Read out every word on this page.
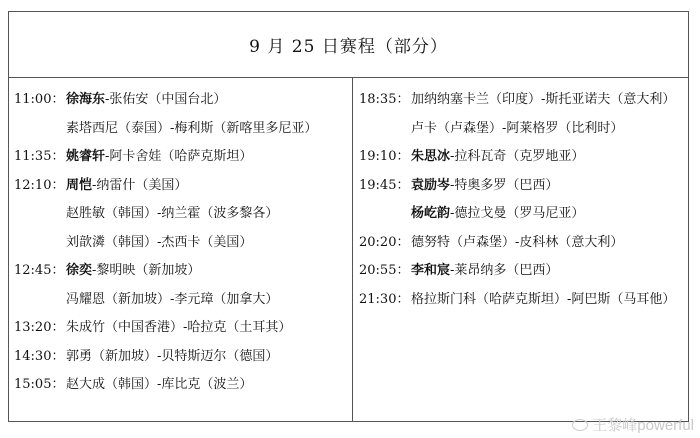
9 月 25 日赛程（部分）
11:00： 徐海东 -张佑安（中国台北）
素塔西尼（泰国）-梅利斯（新喀里多尼亚）
11:35： 姚睿轩 -阿卡舍娃（哈萨克斯坦）
12:10： 周恺 -纳雷什（美国）
赵胜敏（韩国）-纳兰霍（波多黎各）
刘歆潾（韩国）-杰西卡（美国）
12:45： 徐奕 -黎明映（新加坡）
冯耀恩（新加坡）-李元璋（加拿大）
13:20： 朱成竹（中国香港）-哈拉克（土耳其）
14:30： 郭勇（新加坡）-贝特斯迈尔（德国）
15:05： 赵大成（韩国）-库比克（波兰）
18:35： 加纳纳塞卡兰（印度）-斯托亚诺夫（意大利）
卢卡（卢森堡）-阿莱格罗（比利时）
19:10： 朱思冰 -拉科瓦奇（克罗地亚）
19:45： 袁励岑 -特奥多罗（巴西）
杨屹韵 -德拉戈曼（罗马尼亚）
20:20： 德努特（卢森堡）-皮科林（意大利）
20:55： 李和宸 -莱昂纳多（巴西）
21:30： 格拉斯门科（哈萨克斯坦）-阿巴斯（马耳他）
王黎峰powerful
